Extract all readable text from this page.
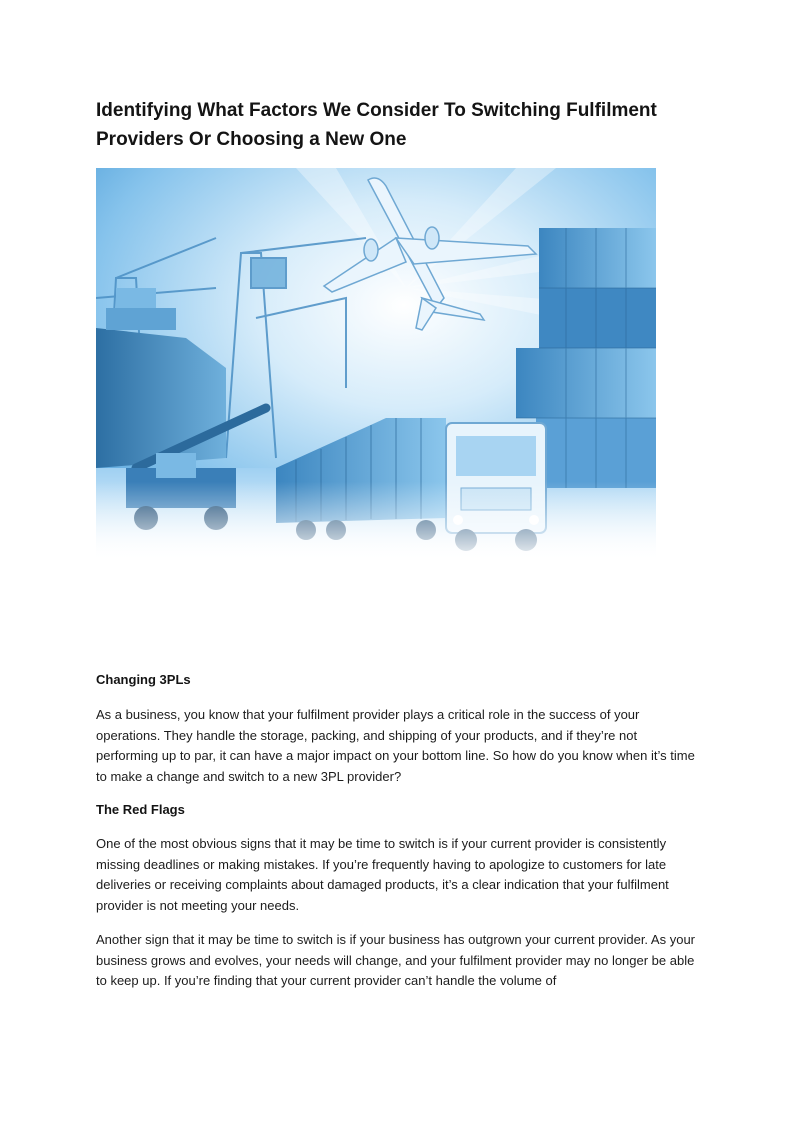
Identifying What Factors We Consider To Switching Fulfilment Providers Or Choosing a New One
Changing 3PLs

As a business, you know that your fulfilment provider plays a critical role in the success of your operations. They handle the storage, packing, and shipping of your products, and if they’re not performing up to par, it can have a major impact on your bottom line. So how do you know when it’s time to make a change and switch to a new 3PL provider?

The Red Flags

One of the most obvious signs that it may be time to switch is if your current provider is consistently missing deadlines or making mistakes. If you’re frequently having to apologize to customers for late deliveries or receiving complaints about damaged products, it’s a clear indication that your fulfilment provider is not meeting your needs.

Another sign that it may be time to switch is if your business has outgrown your current provider. As your business grows and evolves, your needs will change, and your fulfilment provider may no longer be able to keep up. If you’re finding that your current provider can’t handle the volume of
